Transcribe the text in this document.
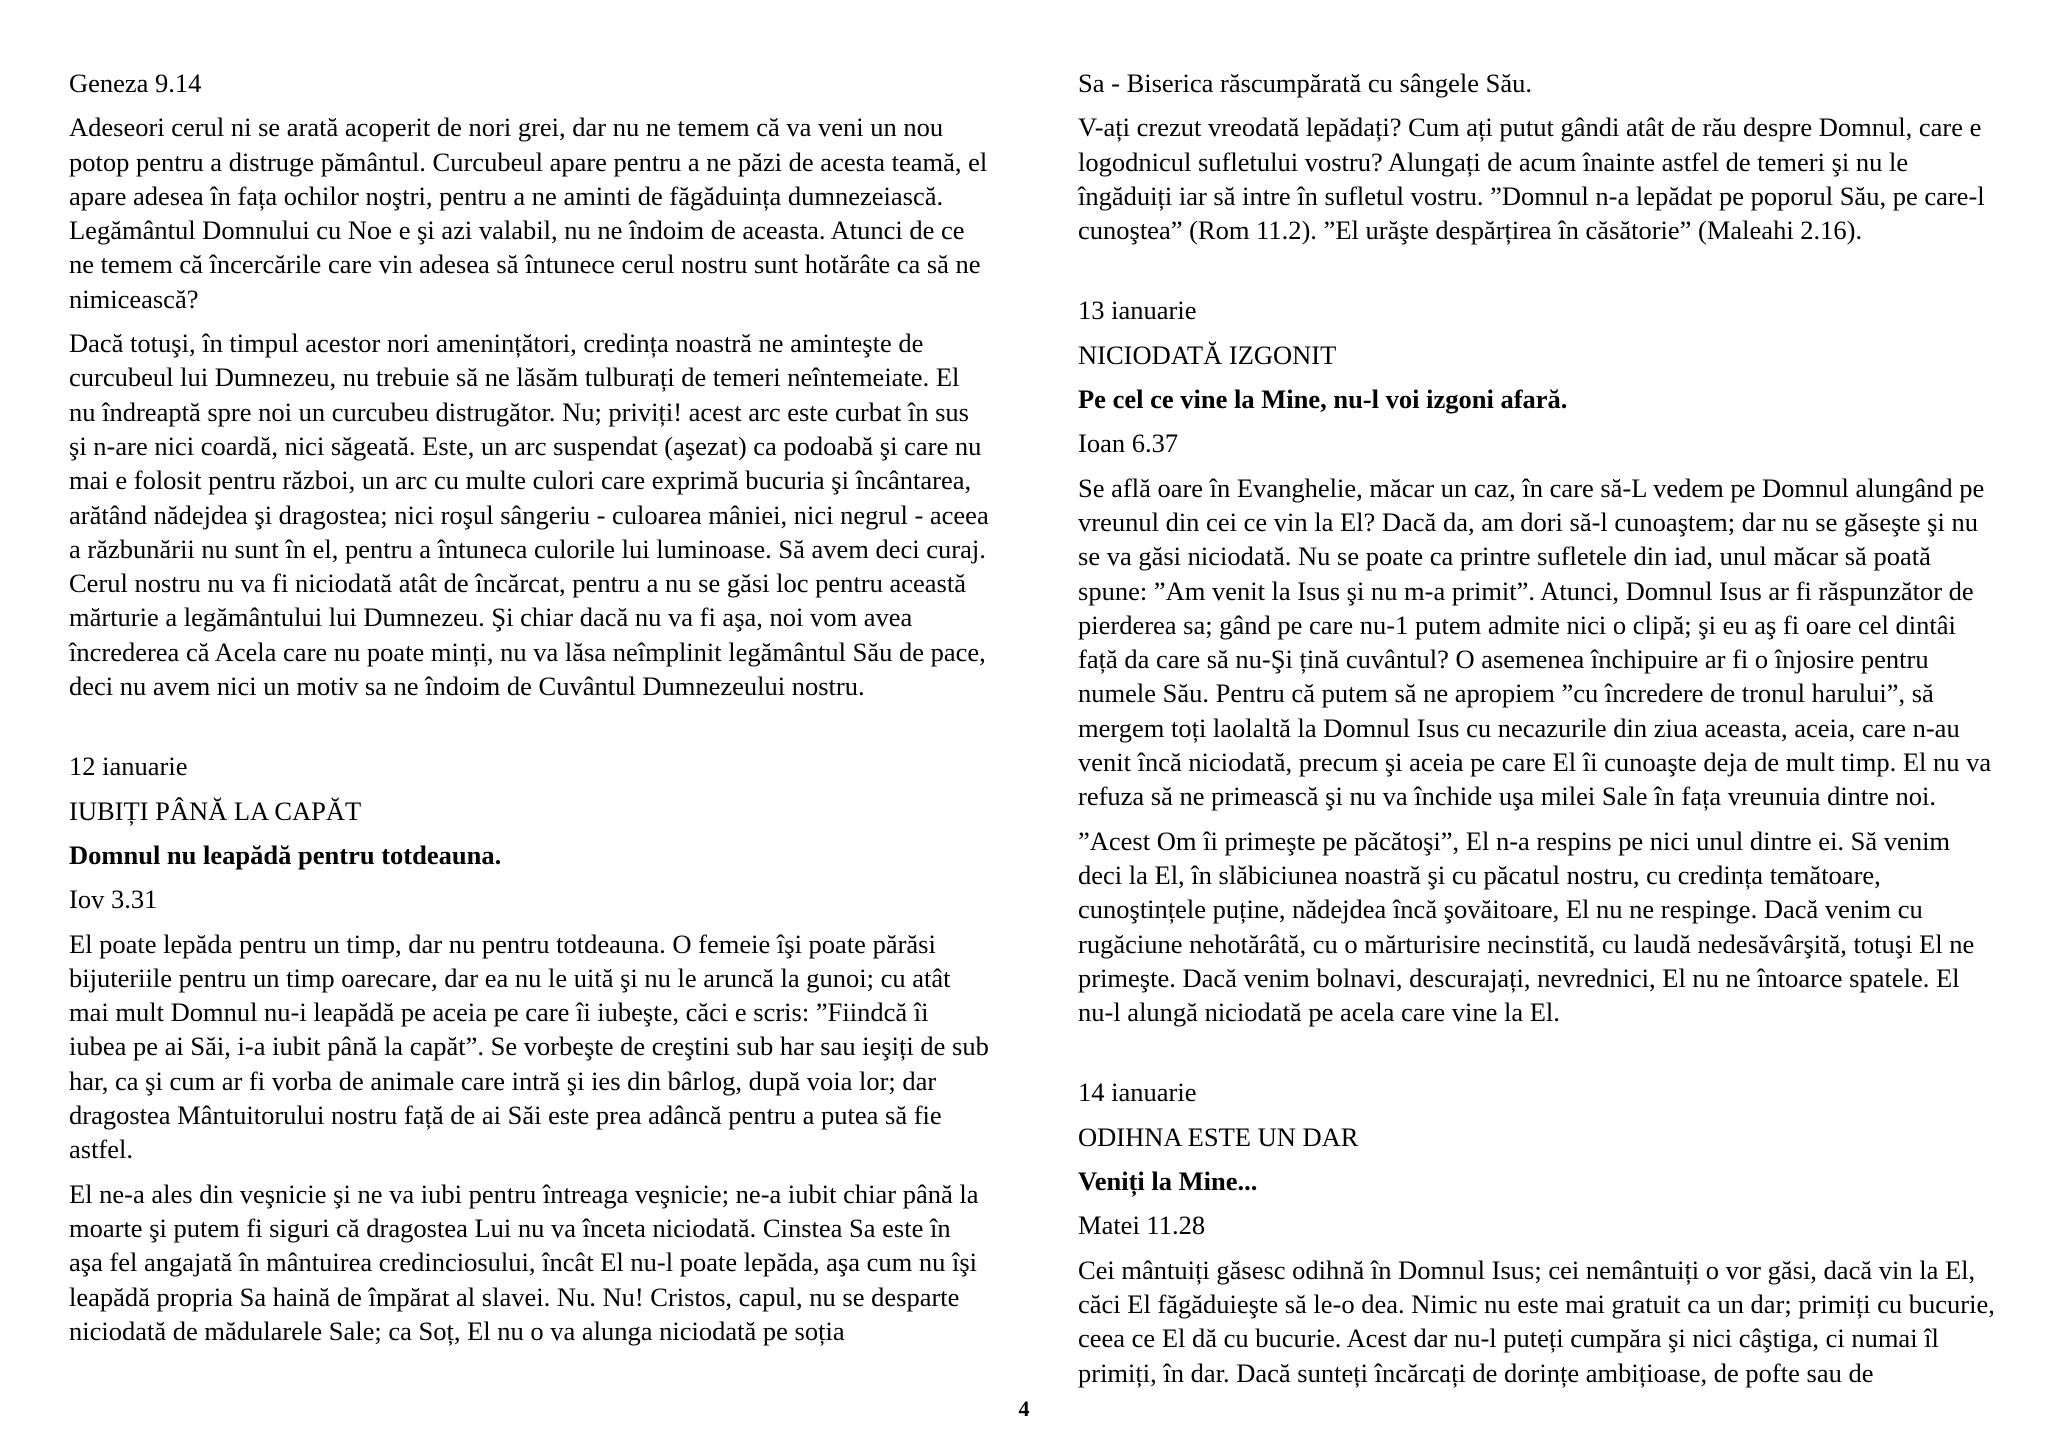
Geneza 9.14

Adeseori cerul ni se arată acoperit de nori grei, dar nu ne temem că va veni un nou potop pentru a distruge pământul. Curcubeul apare pentru a ne păzi de acesta teamă, el apare adesea în fața ochilor noştri, pentru a ne aminti de făgăduința dumnezeiască. Legământul Domnului cu Noe e şi azi valabil, nu ne îndoim de aceasta. Atunci de ce ne temem că încercările care vin adesea să întunece cerul nostru sunt hotărâte ca să ne nimicească?

Dacă totuşi, în timpul acestor nori amenințători, credința noastră ne aminteşte de curcubeul lui Dumnezeu, nu trebuie să ne lăsăm tulburați de temeri neîntemeiate. El nu îndreaptă spre noi un curcubeu distrugător. Nu; priviți! acest arc este curbat în sus şi n-are nici coardă, nici săgeată. Este, un arc suspendat (aşezat) ca podoabă şi care nu mai e folosit pentru război, un arc cu multe culori care exprimă bucuria şi încântarea, arătând nădejdea şi dragostea; nici roşul sângeriu - culoarea mâniei, nici negrul - aceea a răzbunării nu sunt în el, pentru a întuneca culorile lui luminoase. Să avem deci curaj. Cerul nostru nu va fi niciodată atât de încărcat, pentru a nu se găsi loc pentru această mărturie a legământului lui Dumnezeu. Şi chiar dacă nu va fi aşa, noi vom avea încrederea că Acela care nu poate minți, nu va lăsa neîmplinit legământul Său de pace, deci nu avem nici un motiv sa ne îndoim de Cuvântul Dumnezeului nostru.

12 ianuarie

IUBIȚI PÂNĂ LA CAPĂT

Domnul nu leapădă pentru totdeauna.

Iov 3.31

El poate lepăda pentru un timp, dar nu pentru totdeauna. O femeie îşi poate părăsi bijuteriile pentru un timp oarecare, dar ea nu le uită şi nu le aruncă la gunoi; cu atât mai mult Domnul nu-i leapădă pe aceia pe care îi iubeşte, căci e scris: ”Fiindcă îi iubea pe ai Săi, i-a iubit până la capăt”. Se vorbeşte de creştini sub har sau ieşiți de sub har, ca şi cum ar fi vorba de animale care intră şi ies din bârlog, după voia lor; dar dragostea Mântuitorului nostru față de ai Săi este prea adâncă pentru a putea să fie astfel.

El ne-a ales din veşnicie şi ne va iubi pentru întreaga veşnicie; ne-a iubit chiar până la moarte şi putem fi siguri că dragostea Lui nu va înceta niciodată. Cinstea Sa este în aşa fel angajată în mântuirea credinciosului, încât El nu-l poate lepăda, aşa cum nu îşi leapădă propria Sa haină de împărat al slavei. Nu. Nu! Cristos, capul, nu se desparte niciodată de mădularele Sale; ca Soț, El nu o va alunga niciodată pe soția

Sa - Biserica răscumpărată cu sângele Său.

V-ați crezut vreodată lepădați? Cum ați putut gândi atât de rău despre Domnul, care e logodnicul sufletului vostru? Alungați de acum înainte astfel de temeri şi nu le îngăduiți iar să intre în sufletul vostru. ”Domnul n-a lepădat pe poporul Său, pe care-l cunoştea” (Rom 11.2). ”El urăşte despărțirea în căsătorie” (Maleahi 2.16).

13 ianuarie

NICIODATĂ IZGONIT

Pe cel ce vine la Mine, nu-l voi izgoni afară.

Ioan 6.37

Se află oare în Evanghelie, măcar un caz, în care să-L vedem pe Domnul alungând pe vreunul din cei ce vin la El? Dacă da, am dori să-l cunoaştem; dar nu se găseşte şi nu se va găsi niciodată. Nu se poate ca printre sufletele din iad, unul măcar să poată spune: ”Am venit la Isus şi nu m-a primit”. Atunci, Domnul Isus ar fi răspunzător de pierderea sa; gând pe care nu-1 putem admite nici o clipă; şi eu aş fi oare cel dintâi față da care să nu-Şi țină cuvântul? O asemenea închipuire ar fi o înjosire pentru numele Său. Pentru că putem să ne apropiem ”cu încredere de tronul harului”, să mergem toți laolaltă la Domnul Isus cu necazurile din ziua aceasta, aceia, care n-au venit încă niciodată, precum şi aceia pe care El îi cunoaşte deja de mult timp. El nu va refuza să ne primească şi nu va închide uşa milei Sale în fața vreunuia dintre noi.

”Acest Om îi primeşte pe păcătoşi”, El n-a respins pe nici unul dintre ei. Să venim deci la El, în slăbiciunea noastră şi cu păcatul nostru, cu credința temătoare, cunoştințele puține, nădejdea încă şovăitoare, El nu ne respinge. Dacă venim cu rugăciune nehotărâtă, cu o mărturisire necinstită, cu laudă nedesăvârşită, totuşi El ne primeşte. Dacă venim bolnavi, descurajați, nevrednici, El nu ne întoarce spatele. El nu-l alungă niciodată pe acela care vine la El.

14 ianuarie

ODIHNA ESTE UN DAR

Veniți la Mine...

Matei 11.28

Cei mântuiți găsesc odihnă în Domnul Isus; cei nemântuiți o vor găsi, dacă vin la El, căci El făgăduieşte să le-o dea. Nimic nu este mai gratuit ca un dar; primiți cu bucurie, ceea ce El dă cu bucurie. Acest dar nu-l puteți cumpăra şi nici câştiga, ci numai îl primiți, în dar. Dacă sunteți încărcați de dorințe ambițioase, de pofte sau de

4
